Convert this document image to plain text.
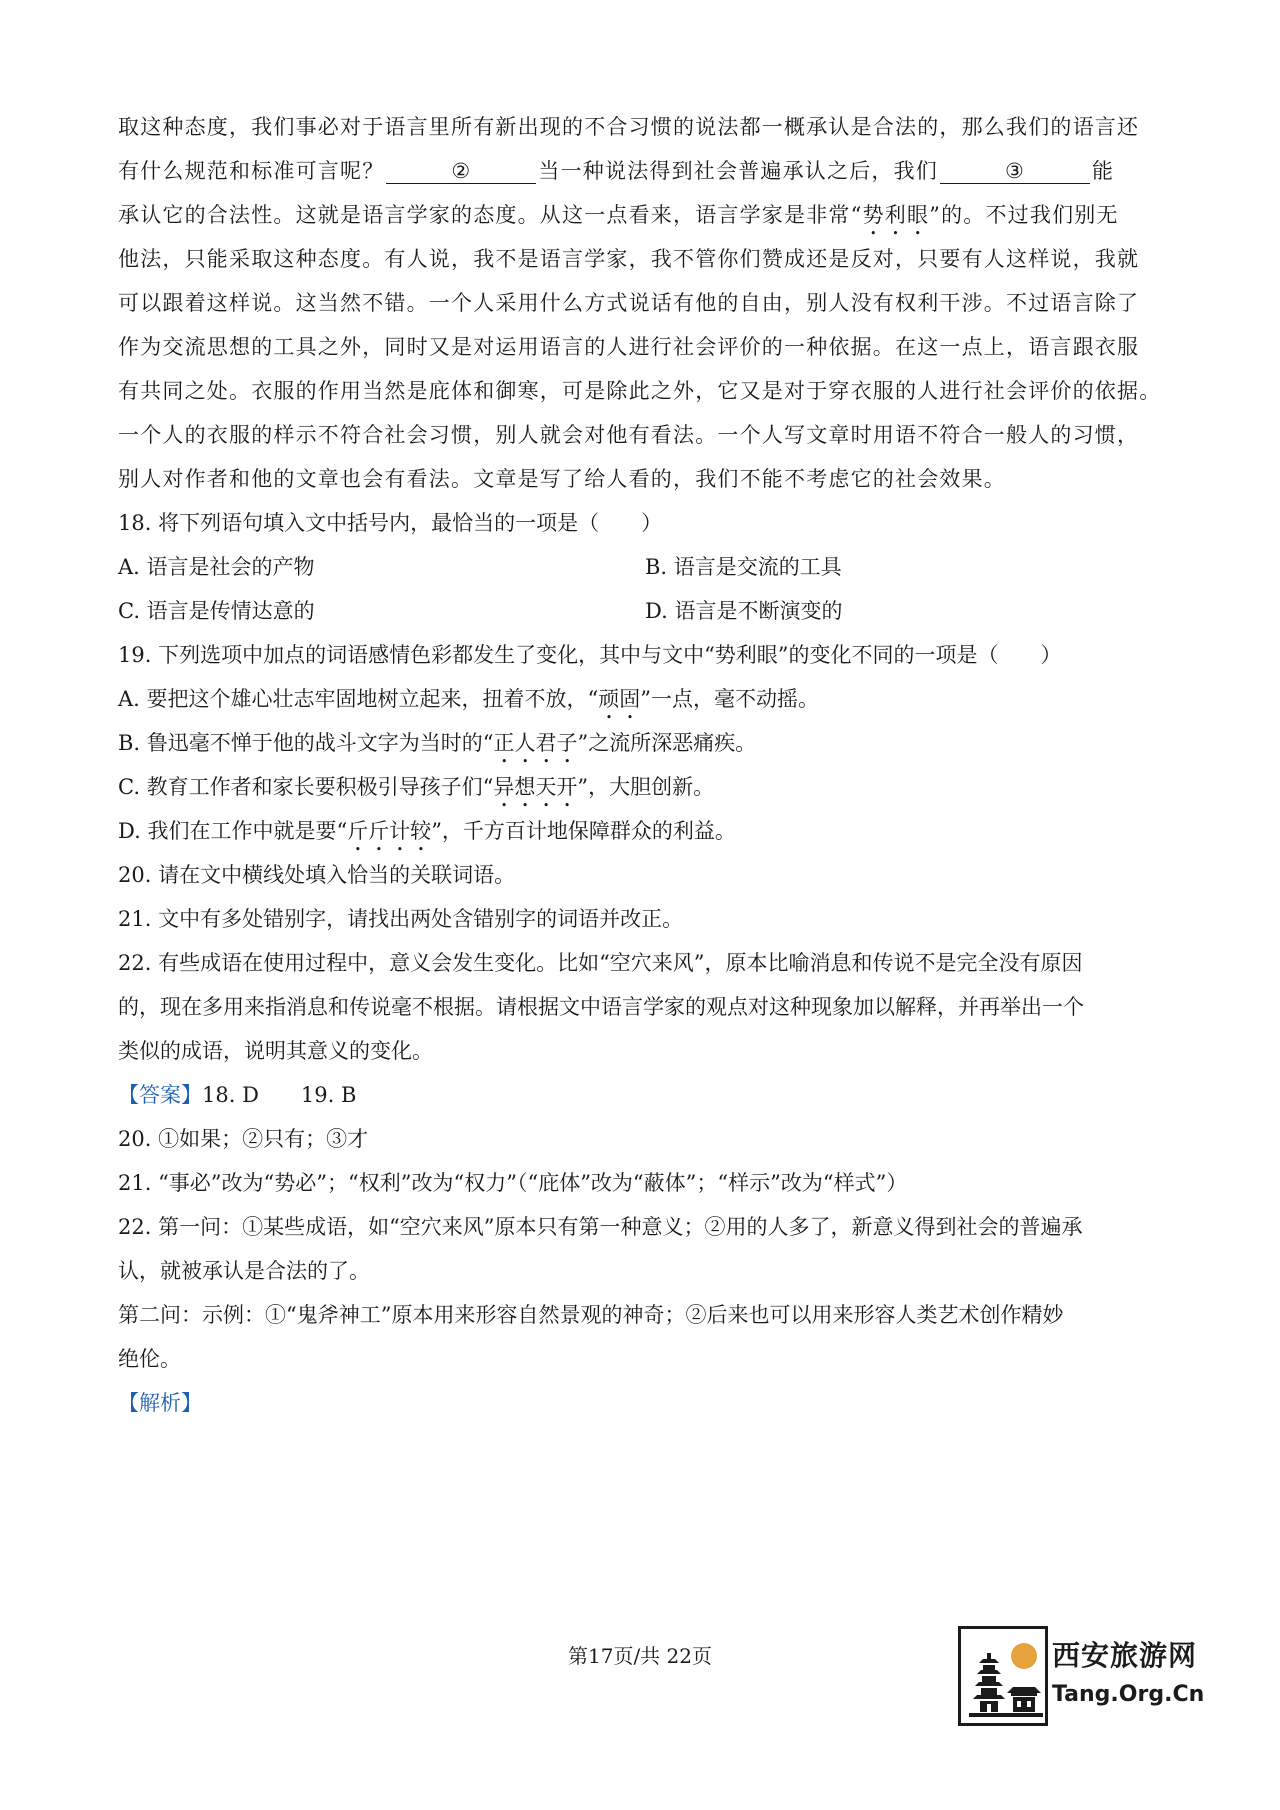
取这种态度，我们事必对于语言里所有新出现的不合习惯的说法都一概承认是合法的，那么我们的语言还
有什么规范和标准可言呢？	②	当一种说法得到社会普遍承认之后，我们	③	能
承认它的合法性。这就是语言学家的态度。从这一点看来，语言学家是非常“势利眼”的。不过我们别无
他法，只能采取这种态度。有人说，我不是语言学家，我不管你们赞成还是反对，只要有人这样说，我就
可以跟着这样说。这当然不错。一个人采用什么方式说话有他的自由，别人没有权利干涉。不过语言除了
作为交流思想的工具之外，同时又是对运用语言的人进行社会评价的一种依据。在这一点上，语言跟衣服
有共同之处。衣服的作用当然是庇体和御寒，可是除此之外，它又是对于穿衣服的人进行社会评价的依据。
一个人的衣服的样示不符合社会习惯，别人就会对他有看法。一个人写文章时用语不符合一般人的习惯，
别人对作者和他的文章也会有看法。文章是写了给人看的，我们不能不考虑它的社会效果。
18. 将下列语句填入文中括号内，最恰当的一项是（　　）
A. 语言是社会的产物	B. 语言是交流的工具
C. 语言是传情达意的	D. 语言是不断演变的
19. 下列选项中加点的词语感情色彩都发生了变化，其中与文中“势利眼”的变化不同的一项是（　　）
A. 要把这个雄心壮志牢固地树立起来，扭着不放，“顽固”一点，毫不动摇。
B. 鲁迅毫不惮于他的战斗文字为当时的“正人君子”之流所深恶痛疾。
C. 教育工作者和家长要积极引导孩子们“异想天开”，大胆创新。
D. 我们在工作中就是要“斤斤计较”，千方百计地保障群众的利益。
20. 请在文中横线处填入恰当的关联词语。
21. 文中有多处错别字，请找出两处含错别字的词语并改正。
22. 有些成语在使用过程中，意义会发生变化。比如“空穴来风”，原本比喻消息和传说不是完全没有原因
的，现在多用来指消息和传说毫不根据。请根据文中语言学家的观点对这种现象加以解释，并再举出一个
类似的成语，说明其意义的变化。
【答案】18. D 19. B
20. ①如果；②只有；③才
21. “事必”改为“势必”；“权利”改为“权力”（“庇体”改为“蔽体”；“样示”改为“样式”）
22. 第一问：①某些成语，如“空穴来风”原本只有第一种意义；②用的人多了，新意义得到社会的普遍承
认，就被承认是合法的了。
第二问：示例：①“鬼斧神工”原本用来形容自然景观的神奇；②后来也可以用来形容人类艺术创作精妙
绝伦。
【解析】
第17页/共 22页	西安旅游网
Tang.Org.Cn
